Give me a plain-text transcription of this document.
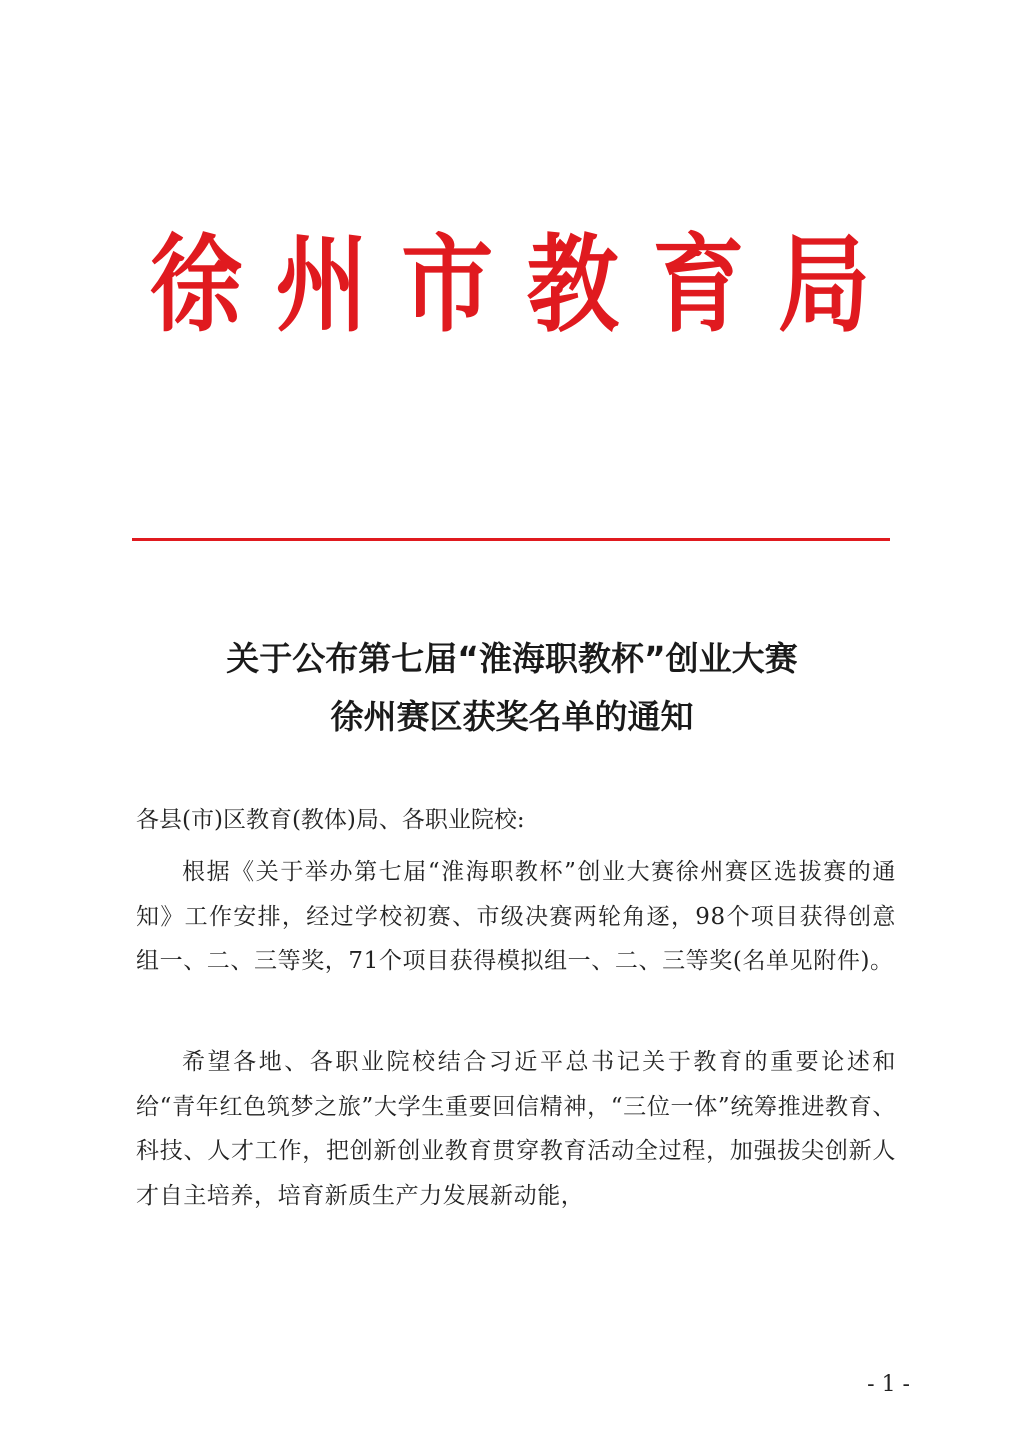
徐 州 市 教 育 局
关于公布第七届“淮海职教杯”创业大赛
徐州赛区获奖名单的通知
各县(市)区教育(教体)局、各职业院校:
根据《关于举办第七届“淮海职教杯”创业大赛徐州赛区选拔赛的通知》工作安排，经过学校初赛、市级决赛两轮角逐，98个项目获得创意组一、二、三等奖，71个项目获得模拟组一、二、三等奖(名单见附件)。
希望各地、各职业院校结合习近平总书记关于教育的重要论述和给“青年红色筑梦之旅”大学生重要回信精神，“三位一体”统筹推进教育、科技、人才工作，把创新创业教育贯穿教育活动全过程，加强拔尖创新人才自主培养，培育新质生产力发展新动能，
- 1 -
